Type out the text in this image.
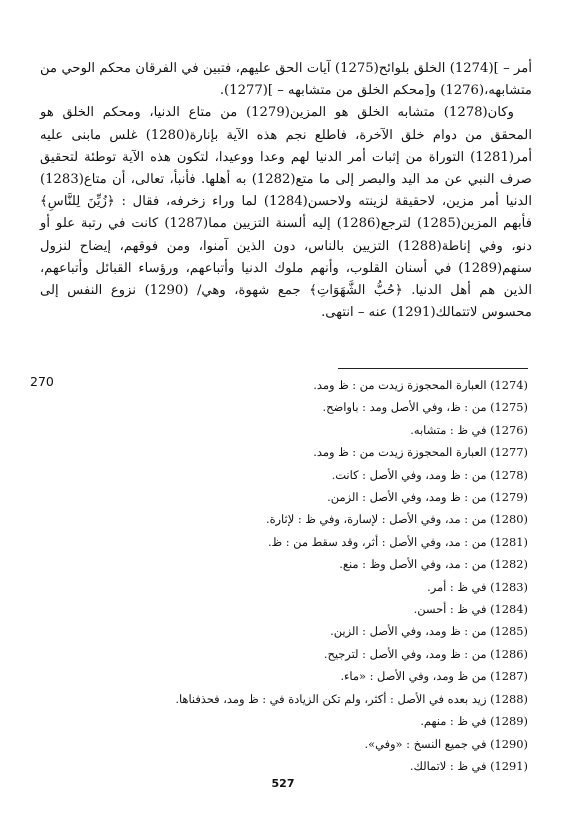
أمر – ](1274) الخلق بلوائح(1275) آيات الحق عليهم، فتبين في الفرقان محكم الوحي من متشابهه،(1276) و[محكم الخلق من متشابهه – ](1277).

وكان(1278) متشابه الخلق هو المزين(1279) من متاع الدنيا، ومحكم الخلق هو المحقق من دوام خلق الآخرة، فاطلع نجم هذه الآية بإنارة(1280) غلس مابنى عليه أمر(1281) التوراة من إثبات أمر الدنيا لهم وعدا ووعيدا، لتكون هذه الآية توطئة لتحقيق صرف النبي عن مد اليد والبصر إلى ما متع(1282) به أهلها. فأنبأ، تعالى، أن متاع(1283) الدنيا أمر مزين، لاحقيقة لزينته ولاحسن(1284) لما وراء زخرفه، فقال : ﴿زُيِّنَ لِلنَّاسِ﴾ فأبهم المزين(1285) لترجع(1286) إليه ألسنة التزيين مما(1287) كانت في رتبة علو أو دنو، وفي إناطة(1288) التزيين بالناس، دون الذين آمنوا، ومن فوقهم، إيضاح لنزول سنهم(1289) في أسنان القلوب، وأنهم ملوك الدنيا وأتباعهم، ورؤساء القبائل وأتباعهم، الذين هم أهل الدنيا. ﴿حُبُّ الشَّهَوَاتِ﴾ جمع شهوة، وهي/ (1290) نزوع النفس إلى محسوس لاتتمالك(1291) عنه – انتهى.

270	(1274) العبارة المحجوزة زيدت من : ظ ومد.
(1275) من : ظ، وفي الأصل ومد : باواضح.
(1276) في ظ : متشابه.
(1277) العبارة المحجوزة زيدت من : ظ ومد.
(1278) من : ظ ومد، وفي الأصل : كانت.
(1279) من : ظ ومد، وفي الأصل : الزمن.
(1280) من : مد، وفي الأصل : لإسارة، وفي ظ : لإثارة.
(1281) من : مد، وفي الأصل : أثر، وقد سقط من : ظ.
(1282) من : مد، وفي الأصل وظ : منع.
(1283) في ظ : أمر.
(1284) في ظ : أحسن.
(1285) من : ظ ومد، وفي الأصل : الزين.
(1286) من : ظ ومد، وفي الأصل : لترجيح.
(1287) من ظ ومد، وفي الأصل : «ماء.
(1288) زيد بعده في الأصل : أكثر، ولم تكن الزيادة في : ظ ومد، فحذفناها.
(1289) في ظ : منهم.
(1290) في جميع النسخ : «وفي».
(1291) في ظ : لاتمالك.
527
